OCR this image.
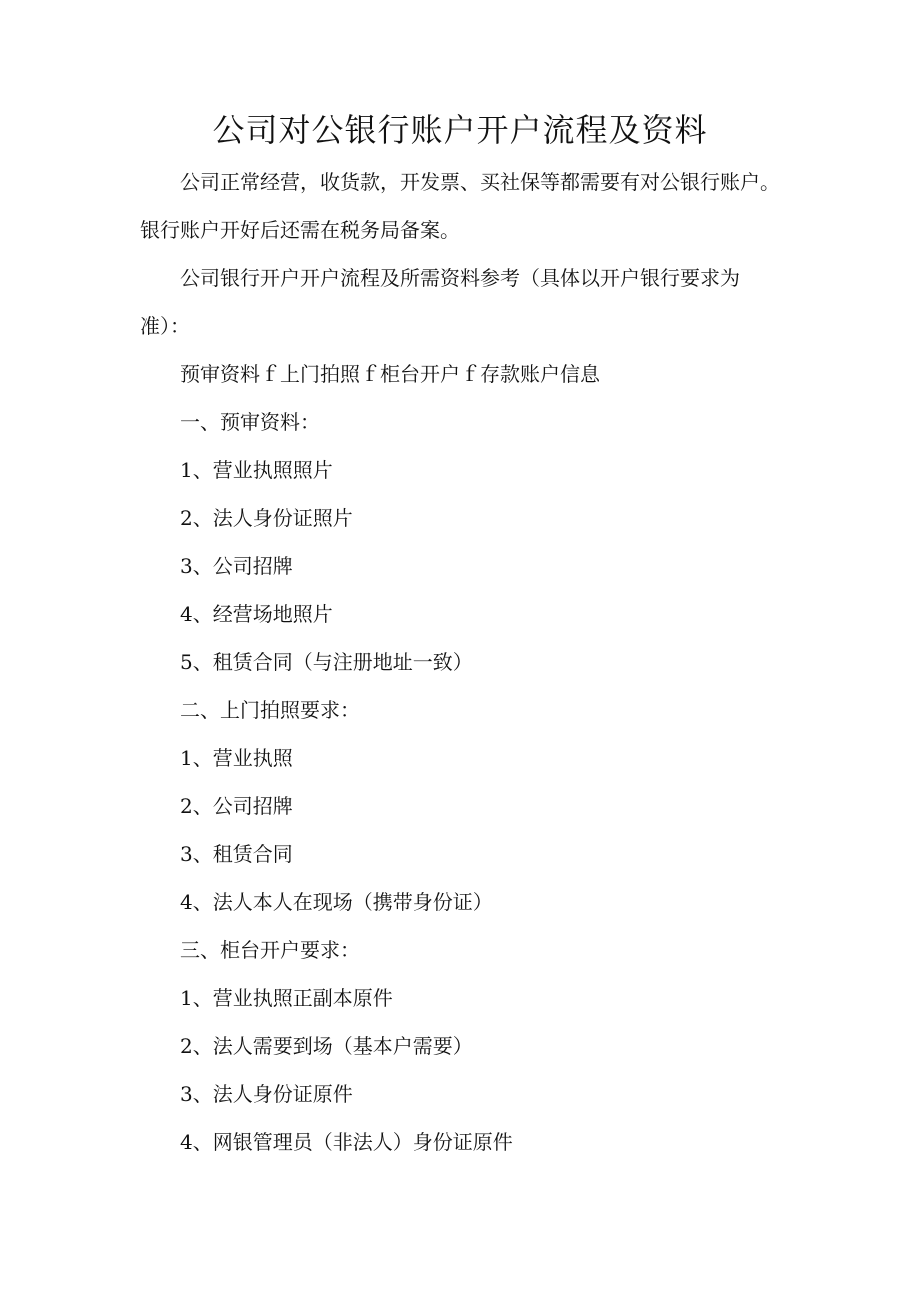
公司对公银行账户开户流程及资料

公司正常经营，收货款，开发票、买社保等都需要有对公银行账户。

银行账户开好后还需在税务局备案。

公司银行开户开户流程及所需资料参考（具体以开户银行要求为

准）：

预审资料ｆ上门拍照ｆ柜台开户ｆ存款账户信息

一、预审资料：

1、营业执照照片

2、法人身份证照片

3、公司招牌

4、经营场地照片

5、租赁合同（与注册地址一致）

二、上门拍照要求：

1、营业执照

2、公司招牌

3、租赁合同

4、法人本人在现场（携带身份证）

三、柜台开户要求：

1、营业执照正副本原件

2、法人需要到场（基本户需要）

3、法人身份证原件

4、网银管理员（非法人）身份证原件
